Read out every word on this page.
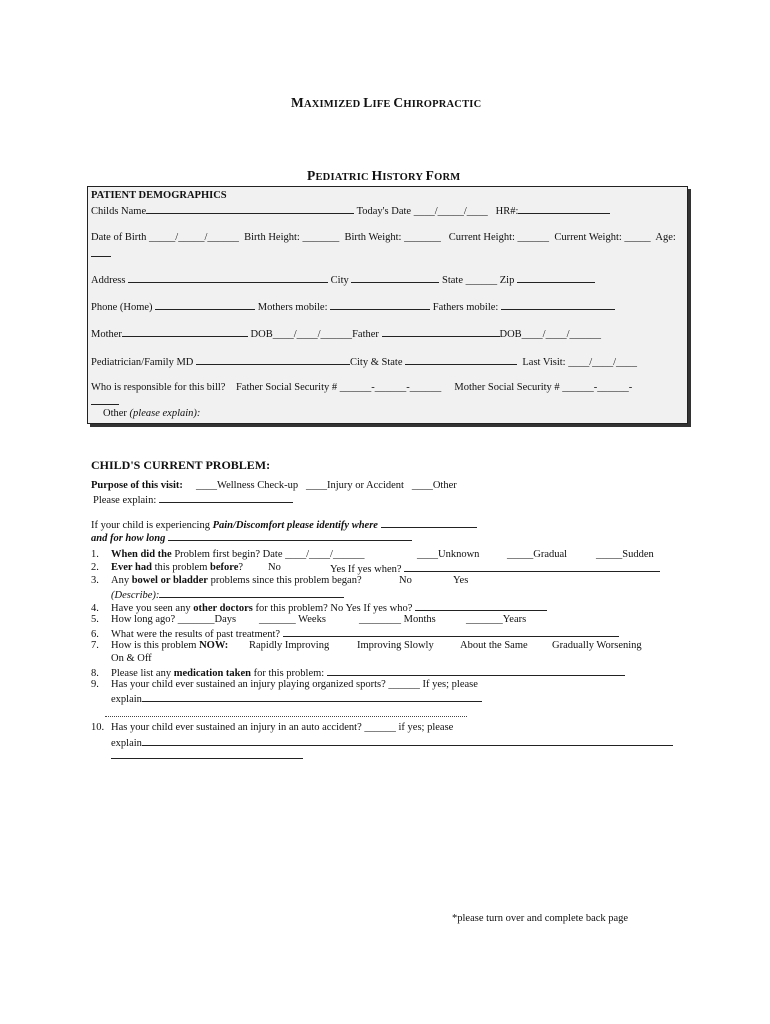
MAXIMIZED LIFE CHIROPRACTIC
PEDIATRIC HISTORY FORM
PATIENT DEMOGRAPHICS
Childs Name	Today's Date ____/_____/____ HR#:
Date of Birth _____/_____/______ Birth Height: _______ Birth Weight: _______ Current Height: ______ Current Weight: _____ Age:
Address	City	State ______ Zip
Phone (Home)	Mothers mobile:	Fathers mobile:
Mother	DOB____/____/______Father	DOB____/____/______
Pediatrician/Family MD	City & State	Last Visit: ____/____/____
Who is responsible for this bill? Father Social Security # ______-______-______ Mother Social Security # ______-______-
Other (please explain):
CHILD'S CURRENT PROBLEM:
Purpose of this visit: ____Wellness Check-up ____Injury or Accident ____Other
Please explain:
If your child is experiencing Pain/Discomfort please identify where
and for how long
1. When did the Problem first begin? Date ____/____/______	____Unknown	_____Gradual	_____Sudden
2. Ever had this problem before? No	Yes If yes when?
3. Any bowel or bladder problems since this problem began?	No	Yes
(Describe):
4. Have you seen any other doctors for this problem? No Yes If yes who?
5. How long ago? _______Days _______ Weeks	________ Months	_______Years
6. What were the results of past treatment?
7. How is this problem NOW: Rapidly Improving	Improving Slowly	About the Same Gradually Worsening
On & Off
8. Please list any medication taken for this problem:
9. Has your child ever sustained an injury playing organized sports? ______ If yes; please
explain
10. Has your child ever sustained an injury in an auto accident? ______ if yes; please
explain
*please turn over and complete back page
